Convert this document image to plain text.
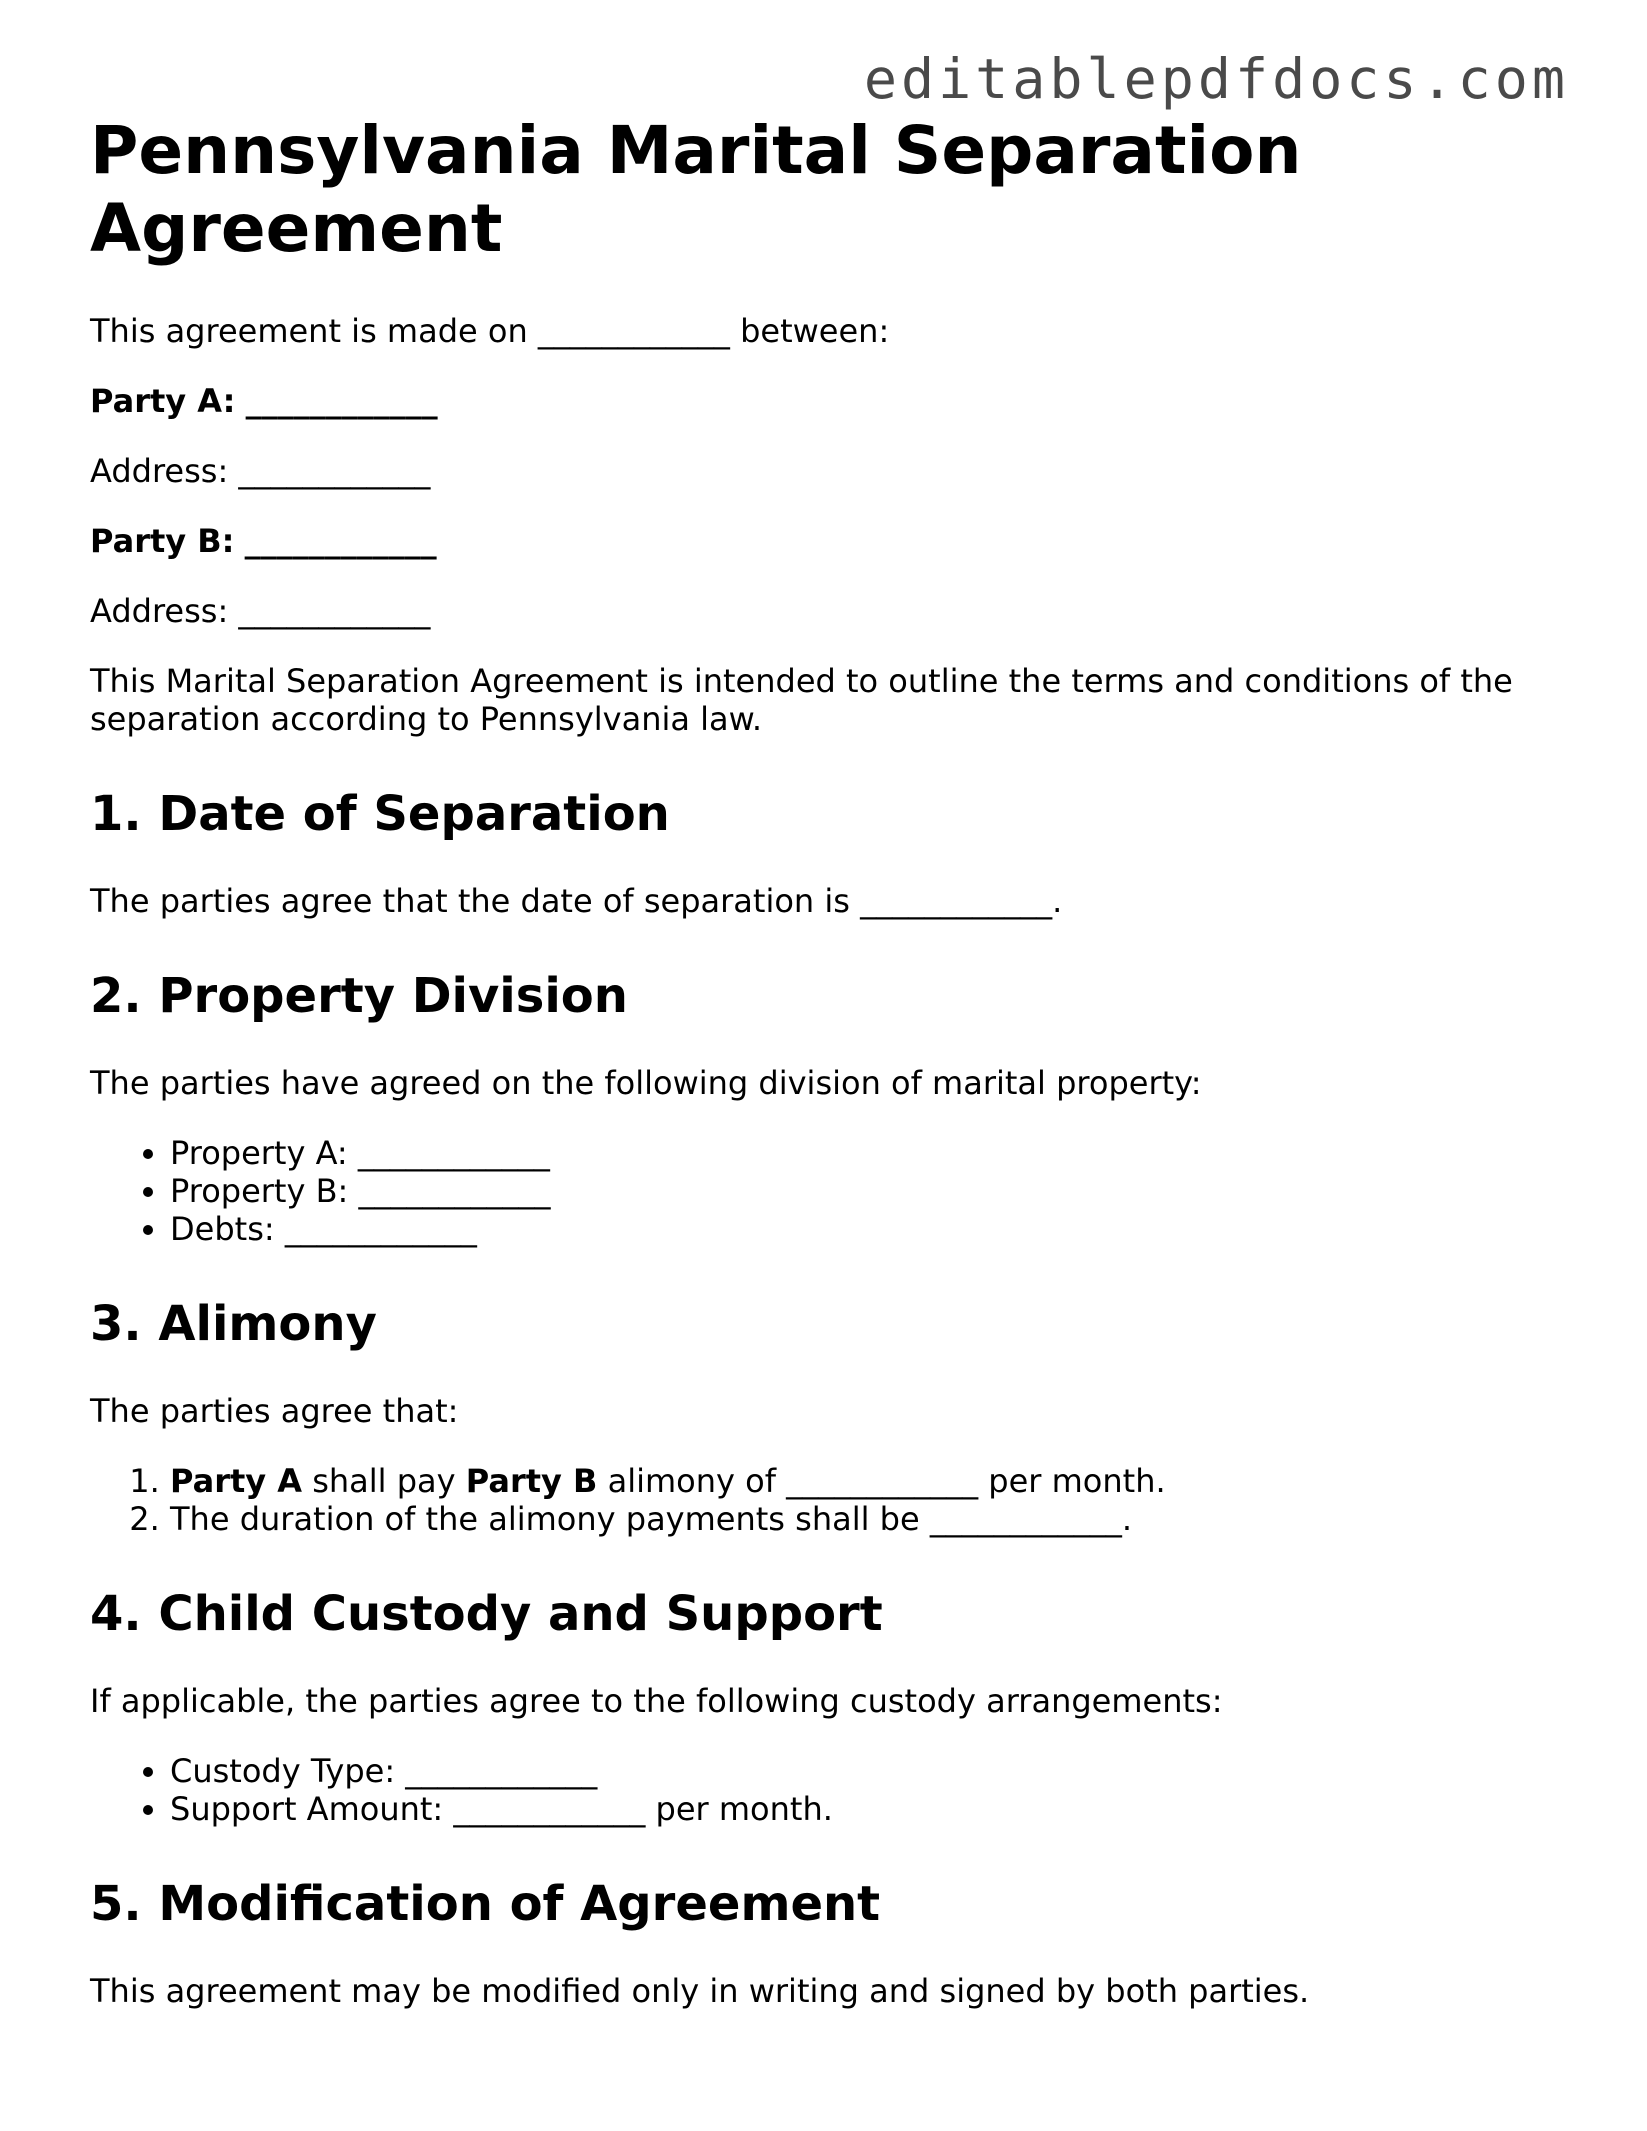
editablepdfdocs.com
Pennsylvania Marital Separation Agreement

This agreement is made on ____________ between:

Party A: ____________

Address: ____________

Party B: ____________

Address: ____________

This Marital Separation Agreement is intended to outline the terms and conditions of the separation according to Pennsylvania law.

1. Date of Separation

The parties agree that the date of separation is ____________.

2. Property Division

The parties have agreed on the following division of marital property:

• Property A: ____________
• Property B: ____________
• Debts: ____________
3. Alimony

The parties agree that:

1. Party A shall pay Party B alimony of ____________ per month.
2. The duration of the alimony payments shall be ____________.
4. Child Custody and Support

If applicable, the parties agree to the following custody arrangements:

• Custody Type: ____________
• Support Amount: ____________ per month.
5. Modification of Agreement

This agreement may be modified only in writing and signed by both parties.
